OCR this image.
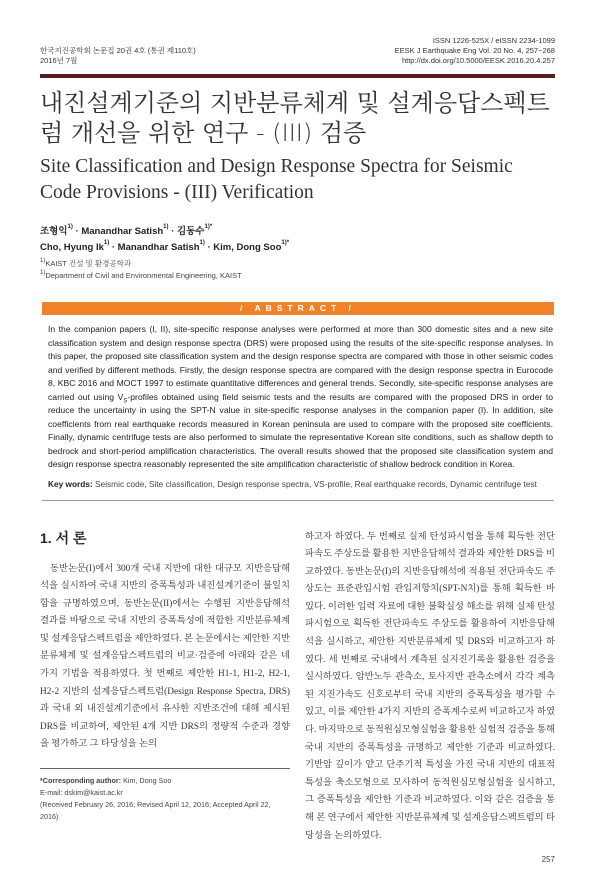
한국지진공학회 논문집 20권 4호 (통권 제110호)
2016년 7월
ISSN 1226-525X / eISSN 2234-1099
EESK J Earthquake Eng Vol. 20 No. 4, 257−268
http://dx.doi.org/10.5000/EESK.2016.20.4.257
내진설계기준의 지반분류체계 및 설계응답스펙트럼 개선을 위한 연구 - (III) 검증
Site Classification and Design Response Spectra for Seismic Code Provisions - (III) Verification
조형익$^{1)}$ · Manandhar Satish$^{1)}$ · 김동수$^{1)*}$
Cho, Hyung $Ik^{1)}$ · Manandhar Satish$^{1)}$ · Kim, Dong Soo$^{1)*}$
$^{1)}$KAIST 건설 및 환경공학과
$^{1)}$Department of Civil and Environmental Engineering, KAIST
/ ABSTRACT /
In the companion papers (I, II), site-specific response analyses were performed at more than 300 domestic sites and a new site classification system and design response spectra (DRS) were proposed using the results of the site-specific response analyses. In this paper, the proposed site classification system and the design response spectra are compared with those in other seismic codes and verified by different methods. Firstly, the design response spectra are compared with the design response spectra in Eurocode 8, KBC 2016 and MOCT 1997 to estimate quantitative differences and general trends. Secondly, site-specific response analyses are carried out using $V_S$-profiles obtained using field seismic tests and the results are compared with the proposed DRS in order to reduce the uncertainty in using the SPT-N value in site-specific response analyses in the companion paper (I). In addition, site coefficients from real earthquake records measured in Korean peninsula are used to compare with the proposed site coefficients. Finally, dynamic centrifuge tests are also performed to simulate the representative Korean site conditions, such as shallow depth to bedrock and short-period amplification characteristics. The overall results showed that the proposed site classification system and design response spectra reasonably represented the site amplification characteristic of shallow bedrock condition in Korea.
Key words: Seismic code, Site classification, Design response spectra, VS-profile, Real earthquake records, Dynamic centrifuge test
1. 서 론
동반논문(I)에서 300개 국내 지반에 대한 대규모 지반응답해석을 실시하여 국내 지반의 증폭특성과 내진설계기준이 불일치함을 규명하였으며, 동반논문(II)에서는 수행된 지반응답해석 결과를 바탕으로 국내 지반의 증폭특성에 적합한 지반분류체계 및 설계응답스펙트럼을 제안하였다. 본 논문에서는 제안한 지반분류체계 및 설계응답스펙트럼의 비교·검증에 아래와 같은 네 가지 기법을 적용하였다. 첫 번째로 제안한 H1-1, H1-2, H2-1, H2-2 지반의 설계응답스펙트럼(Design Response Spectra, DRS)과 국내 외 내진설계기준에서 유사한 지반조건에 대해 제시된 DRS를 비교하여, 제안된 4개 지반 DRS의 정량적 수준과 경향을 평가하고 그 타당성을 논의
*Corresponding author: Kim, Dong Soo
E-mail: dskim@kaist.ac.kr
(Received February 26, 2016; Revised April 12, 2016; Accepted April 22, 2016)
하고자 하였다. 두 번째로 실제 탄성파시험을 통해 획득한 전단파속도 주상도를 활용한 지반응답해석 결과와 제안한 DRS를 비교하였다. 동반논문(I)의 지반응답해석에 적용된 전단파속도 주상도는 표준관입시험 관입저항치(SPT-N치)를 통해 획득한 바 있다. 이러한 입력 자료에 대한 불확실성 해소를 위해 실제 탄성파시험으로 획득한 전단파속도 주상도를 활용하여 지반응답해석을 실시하고, 제안한 지반분류체계 및 DRS와 비교하고자 하였다. 세 번째로 국내에서 계측된 실지진기록을 활용한 검증을 실시하였다. 암반노두 관측소, 토사지반 관측소에서 각각 계측된 지진가속도 신호로부터 국내 지반의 증폭특성을 평가할 수 있고, 이를 제안한 4가지 지반의 증폭계수로써 비교하고자 하였다. 마지막으로 동적원심모형실험을 활용한 실험적 검증을 통해 국내 지반의 증폭특성을 규명하고 제안한 기준과 비교하였다. 기반암 깊이가 얕고 단주기적 특성을 가진 국내 지반의 대표적 특성을 축소모형으로 모사하여 동적원심모형실험을 실시하고, 그 증폭특성을 제안한 기준과 비교하였다. 이와 같은 검증을 통해 본 연구에서 제안한 지반분류체계 및 설계응답스펙트럼의 타당성을 논의하였다.
257
